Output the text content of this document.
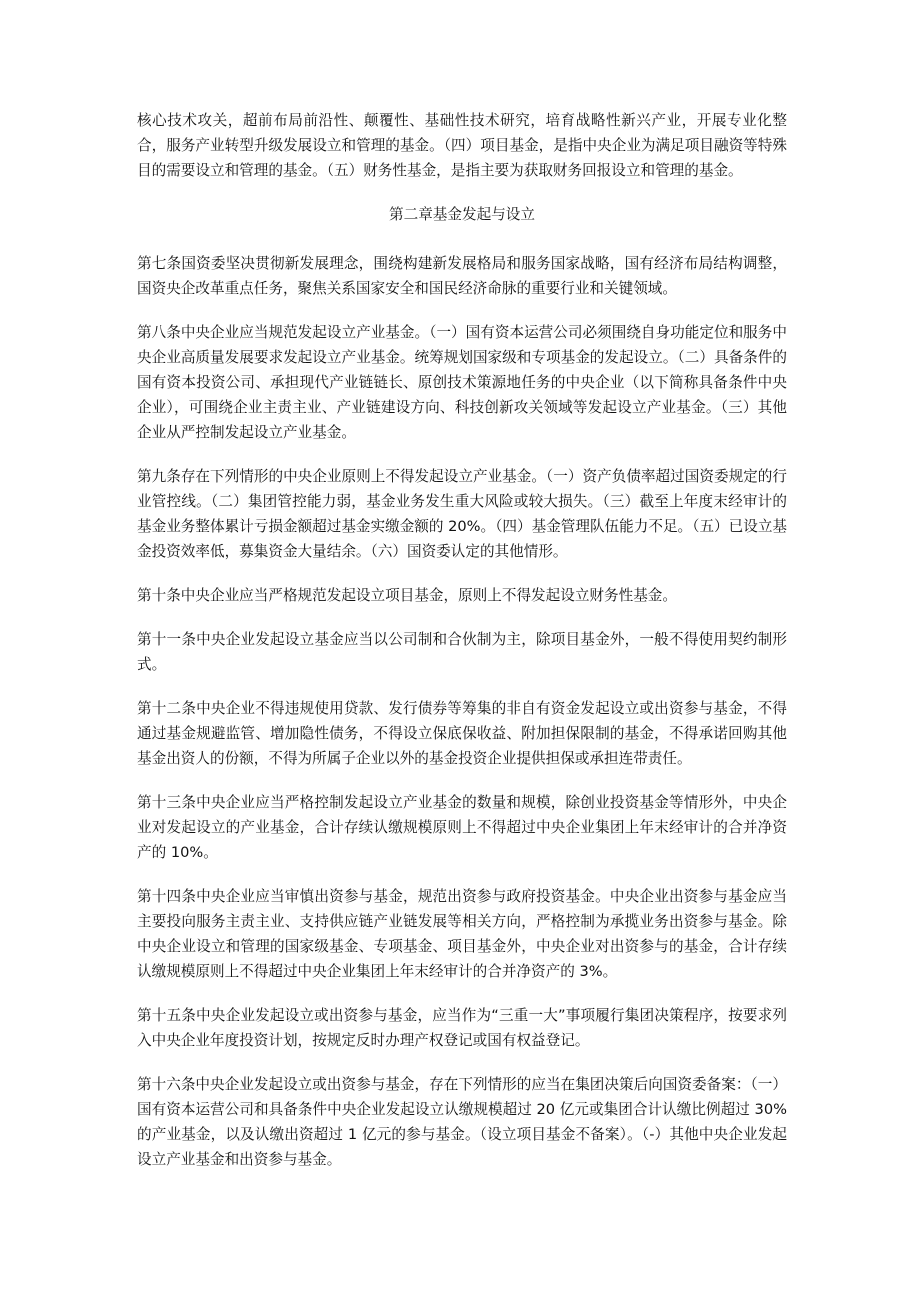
核心技术攻关，超前布局前沿性、颠覆性、基础性技术研究，培育战略性新兴产业，开展专业化整合，服务产业转型升级发展设立和管理的基金。（四）项目基金，是指中央企业为满足项目融资等特殊目的需要设立和管理的基金。（五）财务性基金，是指主要为获取财务回报设立和管理的基金。

第二章基金发起与设立

第七条国资委坚决贯彻新发展理念，围绕构建新发展格局和服务国家战略，国有经济布局结构调整，国资央企改革重点任务，聚焦关系国家安全和国民经济命脉的重要行业和关键领域。

第八条中央企业应当规范发起设立产业基金。（一）国有资本运营公司必须围绕自身功能定位和服务中央企业高质量发展要求发起设立产业基金。统筹规划国家级和专项基金的发起设立。（二）具备条件的国有资本投资公司、承担现代产业链链长、原创技术策源地任务的中央企业（以下简称具备条件中央企业），可围绕企业主责主业、产业链建设方向、科技创新攻关领域等发起设立产业基金。（三）其他企业从严控制发起设立产业基金。

第九条存在下列情形的中央企业原则上不得发起设立产业基金。（一）资产负债率超过国资委规定的行业管控线。（二）集团管控能力弱，基金业务发生重大风险或较大损失。（三）截至上年度末经审计的基金业务整体累计亏损金额超过基金实缴金额的 20%。（四）基金管理队伍能力不足。（五）已设立基金投资效率低，募集资金大量结余。（六）国资委认定的其他情形。

第十条中央企业应当严格规范发起设立项目基金，原则上不得发起设立财务性基金。

第十一条中央企业发起设立基金应当以公司制和合伙制为主，除项目基金外，一般不得使用契约制形式。

第十二条中央企业不得违规使用贷款、发行债券等筹集的非自有资金发起设立或出资参与基金，不得通过基金规避监管、增加隐性债务，不得设立保底保收益、附加担保限制的基金，不得承诺回购其他基金出资人的份额，不得为所属子企业以外的基金投资企业提供担保或承担连带责任。

第十三条中央企业应当严格控制发起设立产业基金的数量和规模，除创业投资基金等情形外，中央企业对发起设立的产业基金，合计存续认缴规模原则上不得超过中央企业集团上年末经审计的合并净资产的 10%。

第十四条中央企业应当审慎出资参与基金，规范出资参与政府投资基金。中央企业出资参与基金应当主要投向服务主责主业、支持供应链产业链发展等相关方向，严格控制为承揽业务出资参与基金。除中央企业设立和管理的国家级基金、专项基金、项目基金外，中央企业对出资参与的基金，合计存续认缴规模原则上不得超过中央企业集团上年末经审计的合并净资产的 3%。

第十五条中央企业发起设立或出资参与基金，应当作为“三重一大”事项履行集团决策程序，按要求列入中央企业年度投资计划，按规定反时办理产权登记或国有权益登记。

第十六条中央企业发起设立或出资参与基金，存在下列情形的应当在集团决策后向国资委备案：（一）国有资本运营公司和具备条件中央企业发起设立认缴规模超过 20 亿元或集团合计认缴比例超过 30%的产业基金，以及认缴出资超过 1 亿元的参与基金。（设立项目基金不备案）。（-）其他中央企业发起设立产业基金和出资参与基金。
